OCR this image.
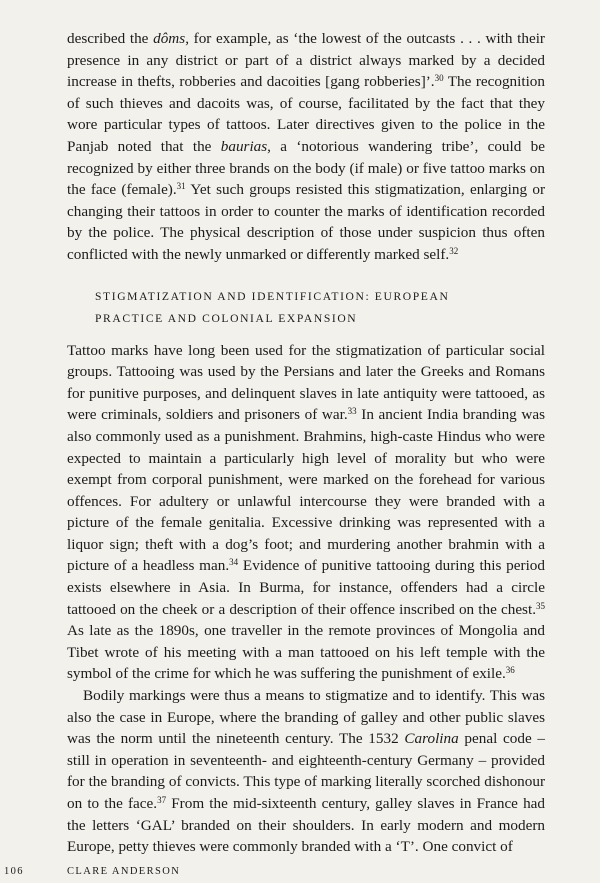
described the dôms, for example, as ‘the lowest of the outcasts . . . with their presence in any district or part of a district always marked by a decided increase in thefts, robberies and dacoities [gang robberies]’.$^{30}$ The recognition of such thieves and dacoits was, of course, facilitated by the fact that they wore particular types of tattoos. Later directives given to the police in the Panjab noted that the baurias, a ‘notorious wandering tribe’, could be recognized by either three brands on the body (if male) or five tattoo marks on the face (female).$^{31}$ Yet such groups resisted this stigmatization, enlarging or changing their tattoos in order to counter the marks of identification recorded by the police. The physical description of those under suspicion thus often conflicted with the newly unmarked or differently marked self.$^{32}$

STIGMATIZATION AND IDENTIFICATION: EUROPEAN
PRACTICE AND COLONIAL EXPANSION

Tattoo marks have long been used for the stigmatization of particular social groups. Tattooing was used by the Persians and later the Greeks and Romans for punitive purposes, and delinquent slaves in late antiquity were tattooed, as were criminals, soldiers and prisoners of war.$^{33}$ In ancient India branding was also commonly used as a punishment. Brahmins, high-caste Hindus who were expected to maintain a particularly high level of morality but who were exempt from corporal punishment, were marked on the forehead for various offences. For adultery or unlawful intercourse they were branded with a picture of the female genitalia. Excessive drinking was represented with a liquor sign; theft with a dog’s foot; and murdering another brahmin with a picture of a headless man.$^{34}$ Evidence of punitive tattooing during this period exists elsewhere in Asia. In Burma, for instance, offenders had a circle tattooed on the cheek or a description of their offence inscribed on the chest.$^{35}$ As late as the 1890s, one traveller in the remote provinces of Mongolia and Tibet wrote of his meeting with a man tattooed on his left temple with the symbol of the crime for which he was suffering the punishment of exile.$^{36}$

Bodily markings were thus a means to stigmatize and to identify. This was also the case in Europe, where the branding of galley and other public slaves was the norm until the nineteenth century. The 1532 Carolina penal code – still in operation in seventeenth- and eighteenth-century Germany – provided for the branding of convicts. This type of marking literally scorched dishonour on to the face.$^{37}$ From the mid-sixteenth century, galley slaves in France had the letters ‘GAL’ branded on their shoulders. In early modern and modern Europe, petty thieves were commonly branded with a ‘T’. One convict of

106	CLARE ANDERSON
